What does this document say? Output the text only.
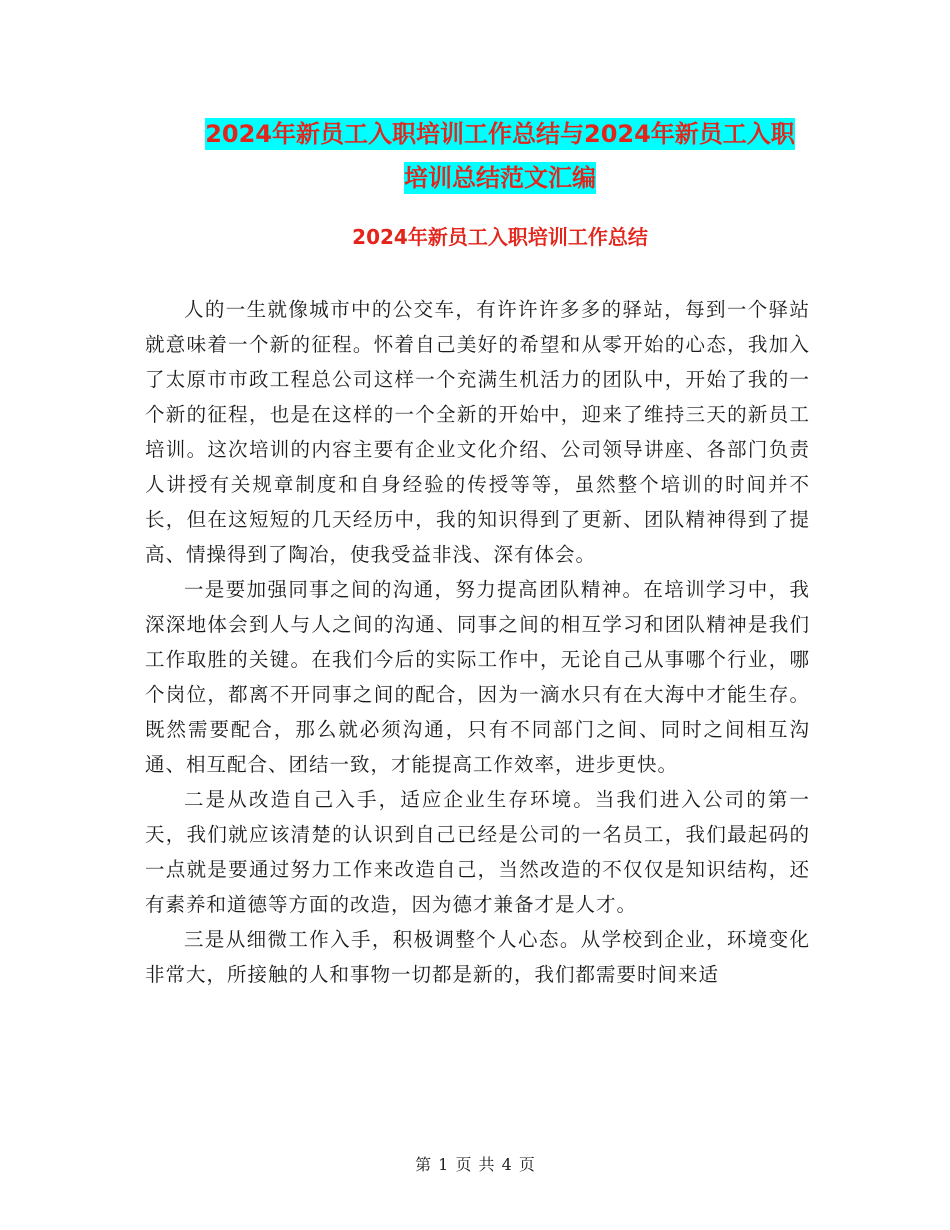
2024年新员工入职培训工作总结与2024年新员工入职
培训总结范文汇编
2024年新员工入职培训工作总结

人的一生就像城市中的公交车，有许许许多多的驿站，每到一个驿站就意味着一个新的征程。怀着自己美好的希望和从零开始的心态，我加入了太原市市政工程总公司这样一个充满生机活力的团队中，开始了我的一个新的征程，也是在这样的一个全新的开始中，迎来了维持三天的新员工培训。这次培训的内容主要有企业文化介绍、公司领导讲座、各部门负责人讲授有关规章制度和自身经验的传授等等，虽然整个培训的时间并不长，但在这短短的几天经历中，我的知识得到了更新、团队精神得到了提高、情操得到了陶冶，使我受益非浅、深有体会。

一是要加强同事之间的沟通，努力提高团队精神。在培训学习中，我深深地体会到人与人之间的沟通、同事之间的相互学习和团队精神是我们工作取胜的关键。在我们今后的实际工作中，无论自己从事哪个行业，哪个岗位，都离不开同事之间的配合，因为一滴水只有在大海中才能生存。既然需要配合，那么就必须沟通，只有不同部门之间、同时之间相互沟通、相互配合、团结一致，才能提高工作效率，进步更快。

二是从改造自己入手，适应企业生存环境。当我们进入公司的第一天，我们就应该清楚的认识到自己已经是公司的一名员工，我们最起码的一点就是要通过努力工作来改造自己，当然改造的不仅仅是知识结构，还有素养和道德等方面的改造，因为德才兼备才是人才。

三是从细微工作入手，积极调整个人心态。从学校到企业，环境变化非常大，所接触的人和事物一切都是新的，我们都需要时间来适

第 1 页 共 4 页
